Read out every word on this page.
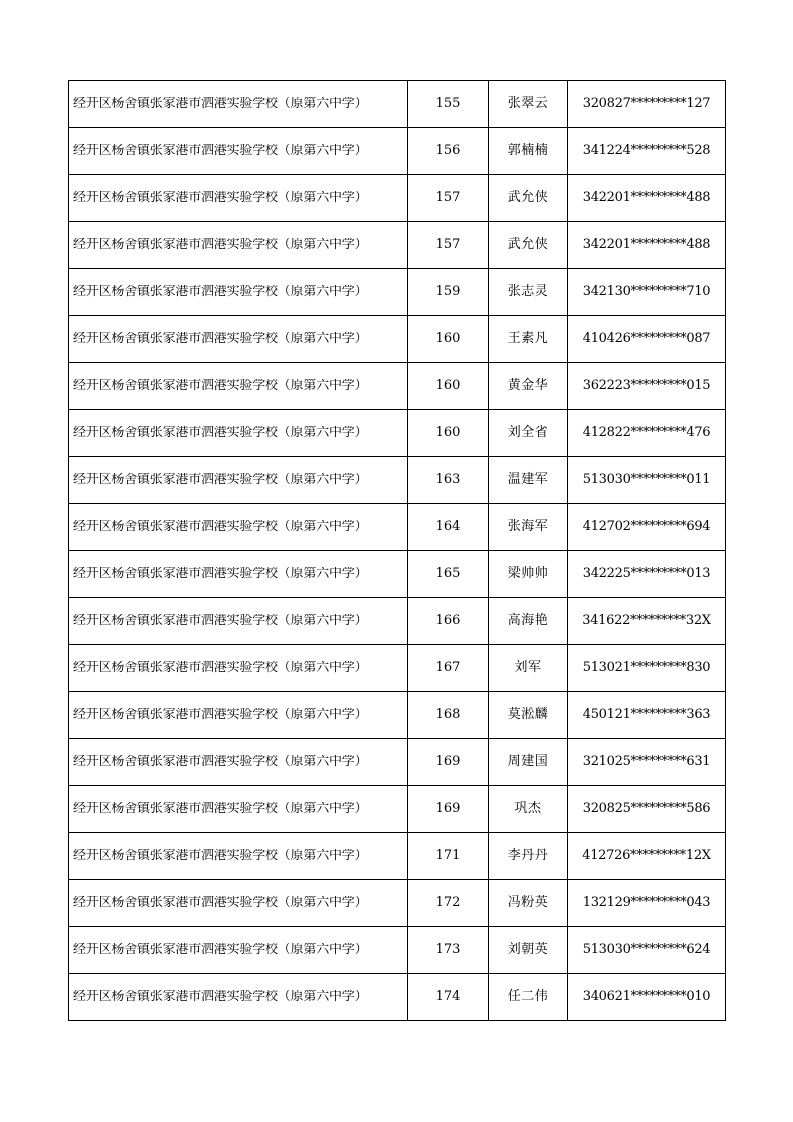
经开区杨舍镇张家港市泗港实验学校（原第六中学）	155	张翠云	320827*********127

经开区杨舍镇张家港市泗港实验学校（原第六中学）	156	郭楠楠	341224*********528

经开区杨舍镇张家港市泗港实验学校（原第六中学）	157	武允侠	342201*********488

经开区杨舍镇张家港市泗港实验学校（原第六中学）	157	武允侠	342201*********488

经开区杨舍镇张家港市泗港实验学校（原第六中学）	159	张志灵	342130*********710

经开区杨舍镇张家港市泗港实验学校（原第六中学）	160	王素凡	410426*********087

经开区杨舍镇张家港市泗港实验学校（原第六中学）	160	黄金华	362223*********015

经开区杨舍镇张家港市泗港实验学校（原第六中学）	160	刘全省	412822*********476

经开区杨舍镇张家港市泗港实验学校（原第六中学）	163	温建军	513030*********011

经开区杨舍镇张家港市泗港实验学校（原第六中学）	164	张海军	412702*********694

经开区杨舍镇张家港市泗港实验学校（原第六中学）	165	梁帅帅	342225*********013

经开区杨舍镇张家港市泗港实验学校（原第六中学）	166	高海艳	341622*********32X

经开区杨舍镇张家港市泗港实验学校（原第六中学）	167	刘军	513021*********830

经开区杨舍镇张家港市泗港实验学校（原第六中学）	168	莫淞麟	450121*********363

经开区杨舍镇张家港市泗港实验学校（原第六中学）	169	周建国	321025*********631

经开区杨舍镇张家港市泗港实验学校（原第六中学）	169	巩杰	320825*********586

经开区杨舍镇张家港市泗港实验学校（原第六中学）	171	李丹丹	412726*********12X

经开区杨舍镇张家港市泗港实验学校（原第六中学）	172	冯粉英	132129*********043

经开区杨舍镇张家港市泗港实验学校（原第六中学）	173	刘朝英	513030*********624

经开区杨舍镇张家港市泗港实验学校（原第六中学）	174	任二伟	340621*********010
